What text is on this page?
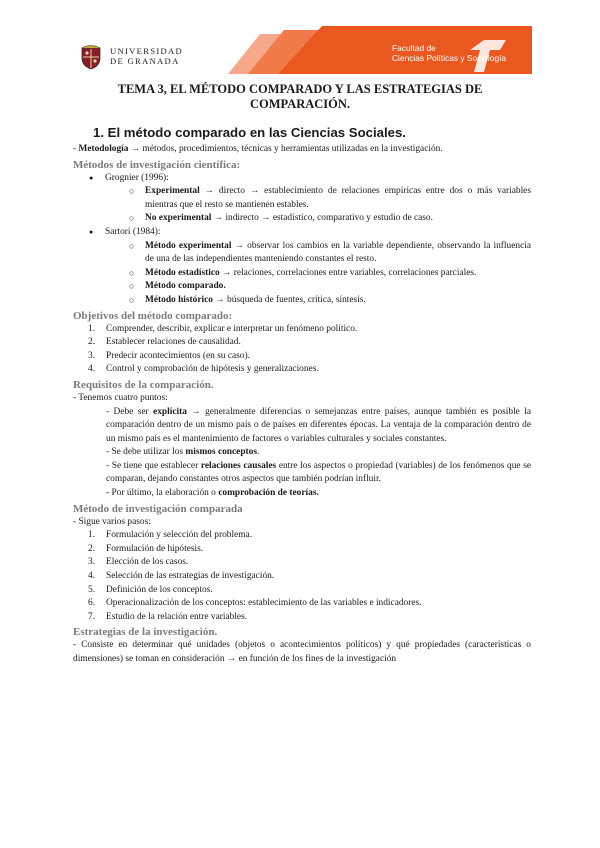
UNIVERSIDAD
DE GRANADA
Facultad de
Ciencias Políticas y Sociología
TEMA 3, EL MÉTODO COMPARADO Y LAS ESTRATEGIAS DE
COMPARACIÓN.
1. El método comparado en las Ciencias Sociales.

- Metodología → métodos, procedimientos, técnicas y herramientas utilizadas en la investigación.

Métodos de investigación científica:
● Grognier (1996):
○ Experimental → directo → establecimiento de relaciones empíricas entre dos o más variables mientras que el resto se mantienen estables.
○ No experimental → indirecto → estadístico, comparativo y estudio de caso.
● Sartori (1984):
○ Método experimental → observar los cambios en la variable dependiente, observando la influencia de una de las independientes manteniendo constantes el resto.
○ Método estadístico → relaciones, correlaciones entre variables, correlaciones parciales.
○ Método comparado.
○ Método histórico → búsqueda de fuentes, crítica, síntesis.
Objetivos del método comparado:
1. Comprender, describir, explicar e interpretar un fenómeno político.
2. Establecer relaciones de causalidad.
3. Predecir acontecimientos (en su caso).
4. Control y comprobación de hipótesis y generalizaciones.
Requisitos de la comparación.

- Tenemos cuatro puntos:

- Debe ser explícita → generalmente diferencias o semejanzas entre países, aunque también es posible la comparación dentro de un mismo país o de países en diferentes épocas. La ventaja de la comparación dentro de un mismo país es el mantenimiento de factores o variables culturales y sociales constantes.

- Se debe utilizar los mismos conceptos.

- Se tiene que establecer relaciones causales entre los aspectos o propiedad (variables) de los fenómenos que se comparan, dejando constantes otros aspectos que también podrían influir.

- Por último, la elaboración o comprobación de teorías.

Método de investigación comparada

- Sigue varios pasos:

1. Formulación y selección del problema.
2. Formulación de hipótesis.
3. Elección de los casos.
4. Selección de las estrategias de investigación.
5. Definición de los conceptos.
6. Operacionalización de los conceptos: establecimiento de las variables e indicadores.
7. Estudio de la relación entre variables.
Estrategias de la investigación.

- Consiste en determinar qué unidades (objetos o acontecimientos políticos) y qué propiedades (características o dimensiones) se toman en consideración → en función de los fines de la investigación
